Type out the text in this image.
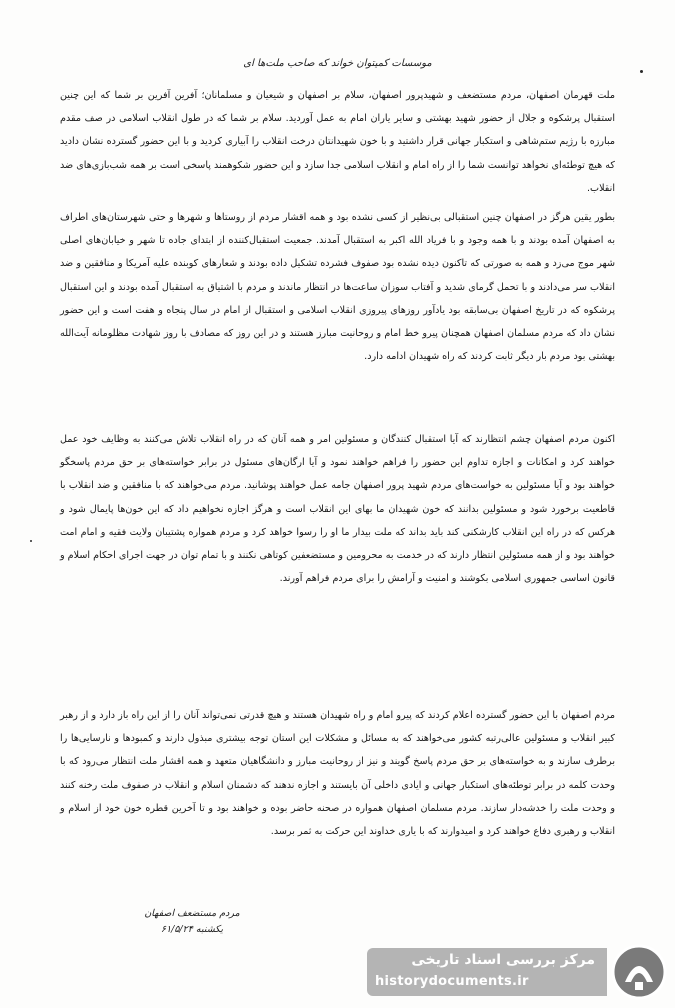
موسسات کمیتوان خواند که صاحب ملت‌ها ای
ملت قهرمان اصفهان، مردم مستضعف و شهیدپرور اصفهان، سلام بر اصفهان و شیعیان و مسلمانان؛ آفرین آفرین بر شما که این چنین استقبال پرشکوه و جلال از حضور شهید بهشتی و سایر یاران امام به عمل آوردید. سلام بر شما که در طول انقلاب اسلامی در صف مقدم مبارزه با رژیم ستم‌شاهی و استکبار جهانی قرار داشتید و با خون شهیدانتان درخت انقلاب را آبیاری کردید و با این حضور گسترده نشان دادید که هیچ توطئه‌ای نخواهد توانست شما را از راه امام و انقلاب اسلامی جدا سازد و این حضور شکوهمند پاسخی است بر همه شب‌بازی‌های ضد انقلاب.
بطور یقین هرگز در اصفهان چنین استقبالی بی‌نظیر از کسی نشده بود و همه اقشار مردم از روستاها و شهرها و حتی شهرستان‌های اطراف به اصفهان آمده بودند و با همه وجود و با فریاد الله اکبر به استقبال آمدند. جمعیت استقبال‌کننده از ابتدای جاده تا شهر و خیابان‌های اصلی شهر موج می‌زد و همه به صورتی که تاکنون دیده نشده بود صفوف فشرده تشکیل داده بودند و شعارهای کوبنده علیه آمریکا و منافقین و ضد انقلاب سر می‌دادند و با تحمل گرمای شدید و آفتاب سوزان ساعت‌ها در انتظار ماندند و مردم با اشتیاق به استقبال آمده بودند و این استقبال پرشکوه که در تاریخ اصفهان بی‌سابقه بود یادآور روزهای پیروزی انقلاب اسلامی و استقبال از امام در سال پنجاه و هفت است و این حضور نشان داد که مردم مسلمان اصفهان همچنان پیرو خط امام و روحانیت مبارز هستند و در این روز که مصادف با روز شهادت مظلومانه آیت‌الله بهشتی بود مردم بار دیگر ثابت کردند که راه شهیدان ادامه دارد.
اکنون مردم اصفهان چشم انتظارند که آیا استقبال کنندگان و مسئولین امر و همه آنان که در راه انقلاب تلاش می‌کنند به وظایف خود عمل خواهند کرد و امکانات و اجازه تداوم این حضور را فراهم خواهند نمود و آیا ارگان‌های مسئول در برابر خواسته‌های بر حق مردم پاسخگو خواهند بود و آیا مسئولین به خواست‌های مردم شهید پرور اصفهان جامه عمل خواهند پوشانید. مردم می‌خواهند که با منافقین و ضد انقلاب با قاطعیت برخورد شود و مسئولین بدانند که خون شهیدان ما بهای این انقلاب است و هرگز اجازه نخواهیم داد که این خون‌ها پایمال شود و هرکس که در راه این انقلاب کارشکنی کند باید بداند که ملت بیدار ما او را رسوا خواهد کرد و مردم همواره پشتیبان ولایت فقیه و امام امت خواهند بود و از همه مسئولین انتظار دارند که در خدمت به محرومین و مستضعفین کوتاهی نکنند و با تمام توان در جهت اجرای احکام اسلام و قانون اساسی جمهوری اسلامی بکوشند و امنیت و آرامش را برای مردم فراهم آورند.
مردم اصفهان با این حضور گسترده اعلام کردند که پیرو امام و راه شهیدان هستند و هیچ قدرتی نمی‌تواند آنان را از این راه باز دارد و از رهبر کبیر انقلاب و مسئولین عالی‌رتبه کشور می‌خواهند که به مسائل و مشکلات این استان توجه بیشتری مبذول دارند و کمبودها و نارسایی‌ها را برطرف سازند و به خواسته‌های بر حق مردم پاسخ گویند و نیز از روحانیت مبارز و دانشگاهیان متعهد و همه اقشار ملت انتظار می‌رود که با وحدت کلمه در برابر توطئه‌های استکبار جهانی و ایادی داخلی آن بایستند و اجازه ندهند که دشمنان اسلام و انقلاب در صفوف ملت رخنه کنند و وحدت ملت را خدشه‌دار سازند. مردم مسلمان اصفهان همواره در صحنه حاضر بوده و خواهند بود و تا آخرین قطره خون خود از اسلام و انقلاب و رهبری دفاع خواهند کرد و امیدوارند که با یاری خداوند این حرکت به ثمر برسد.
مردم مستضعف اصفهان
یکشنبه ۶۱/۵/۲۴
مرکز بررسی اسناد تاریخی
historydocuments.ir
